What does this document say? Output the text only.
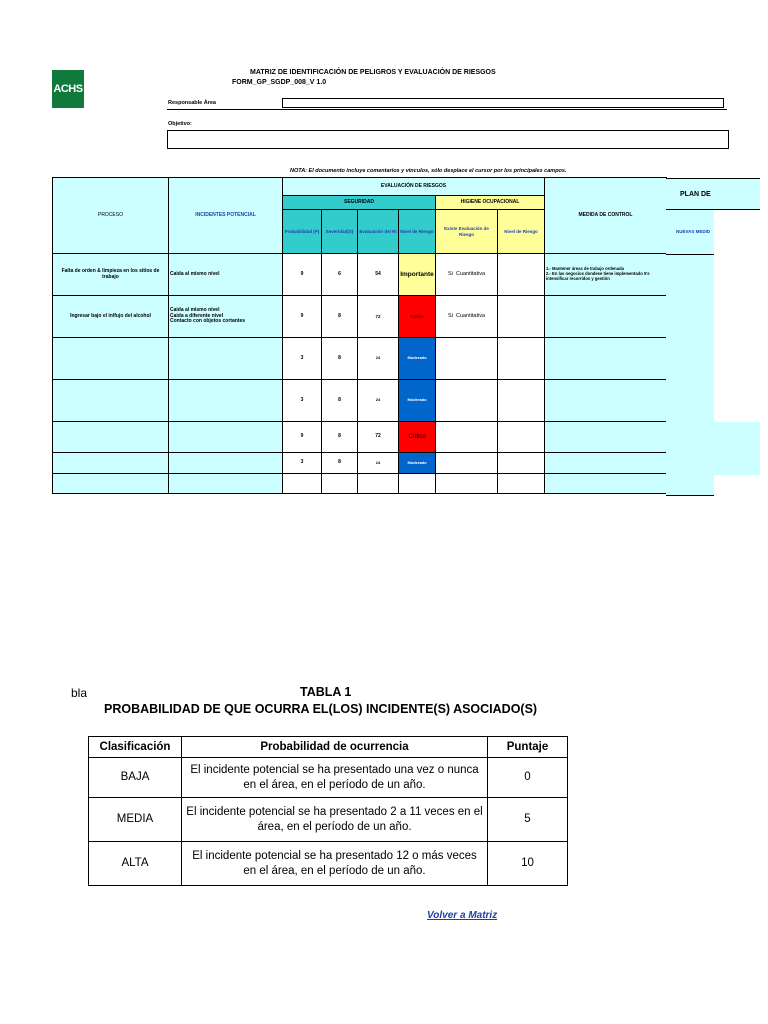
ACHS
MATRIZ DE IDENTIFICACIÓN DE PELIGROS Y EVALUACIÓN DE RIESGOS
FORM_GP_SGDP_008_V 1.0
Responsable Área
Objetivo:
NOTA: El documento incluye comentarios y vinculos, sólo desplace el cursor por los principales campos.
PROCESO	INCIDENTES POTENCIAL	EVALUACIÓN DE RIESGOS						MEDIDA DE CONTROL
		SEGURIDAD				HIGIENE OCUPACIONAL		
		Probabilidad (P)	Severidad(S)	Evaluación del Ri	Nivel de Riesgo	Existe Evaluación de Riesgo	Nivel de Riesgo	
Falta de orden & limpieza en los sitios de trabajo	Caida al mismo nivel	9	6	54	Importante	Si Cuantitativa		1.- Mantener áreas de trabajo ordenada
2.- En las negocios dondese tiene implementado 5's intensificar recorridos y gestión
Ingresar bajo el inlfujo del alcohol	Caida al mismo nivel
Caida a diferente nivel
Contacto con objetos cortantes	9	8	72	Crítico	Si Cuantitativa		
		3	8	24	Moderado			
		3	8	24	Moderado			
		9	8	72	Crítico			
		3	8	24	Moderado			

PLAN DE
NUEVAS MEDID
bla	TABLA 1
PROBABILIDAD DE QUE OCURRA EL(LOS) INCIDENTE(S) ASOCIADO(S)
Clasificación	Probabilidad de ocurrencia	Puntaje
BAJA	El incidente potencial se ha presentado una vez o nunca en el área, en el período de un año.	0
MEDIA	El incidente potencial se ha presentado 2 a 11 veces en el área, en el período de un año.	5
ALTA	El incidente potencial se ha presentado 12 o más veces en el área, en el período de un año.	10
Volver a Matriz
